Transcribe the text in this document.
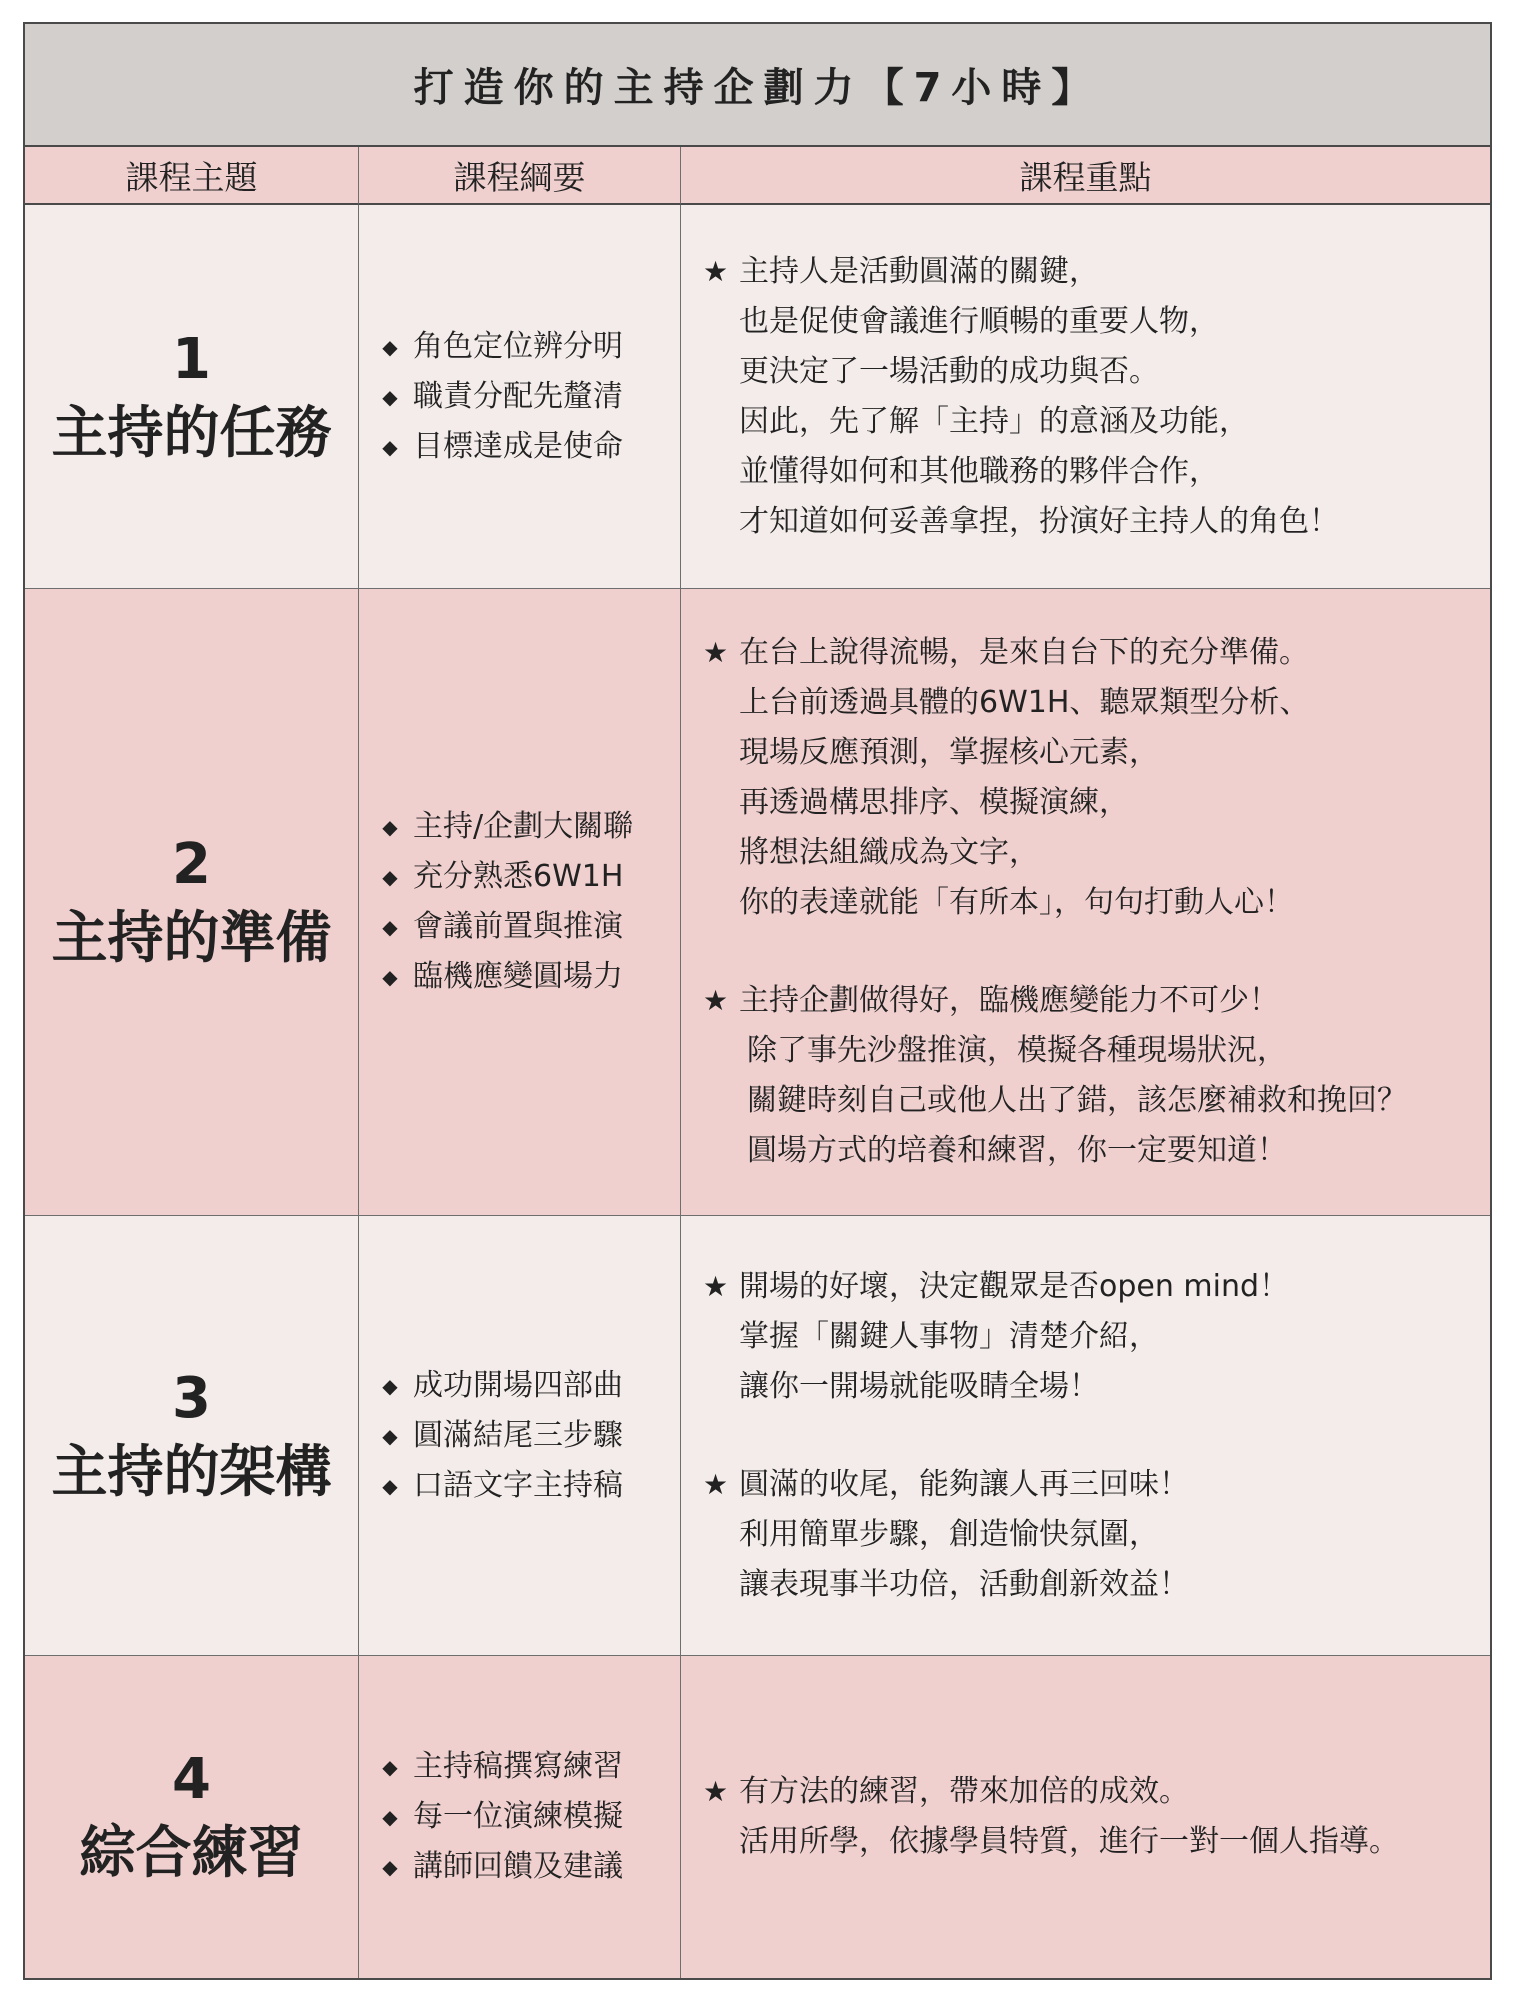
打造你的主持企劃力【7小時】
課程主題	課程綱要	課程重點
1
主持的任務
◆ 角色定位辨分明
◆ 職責分配先釐清
◆ 目標達成是使命
★ 主持人是活動圓滿的關鍵，
也是促使會議進行順暢的重要人物，
更決定了一場活動的成功與否。
因此，先了解「主持」的意涵及功能，
並懂得如何和其他職務的夥伴合作，
才知道如何妥善拿捏，扮演好主持人的角色！
2
主持的準備
◆ 主持/企劃大關聯
◆ 充分熟悉6W1H
◆ 會議前置與推演
◆ 臨機應變圓場力
★ 在台上說得流暢，是來自台下的充分準備。
上台前透過具體的6W1H、聽眾類型分析、
現場反應預測，掌握核心元素，
再透過構思排序、模擬演練，
將想法組織成為文字，
你的表達就能「有所本」，句句打動人心！
★ 主持企劃做得好，臨機應變能力不可少！
除了事先沙盤推演，模擬各種現場狀況，
關鍵時刻自己或他人出了錯，該怎麼補救和挽回？
圓場方式的培養和練習，你一定要知道！
3
主持的架構
◆ 成功開場四部曲
◆ 圓滿結尾三步驟
◆ 口語文字主持稿
★ 開場的好壞，決定觀眾是否open mind！
掌握「關鍵人事物」清楚介紹，
讓你一開場就能吸睛全場！
★ 圓滿的收尾，能夠讓人再三回味！
利用簡單步驟，創造愉快氛圍，
讓表現事半功倍，活動創新效益！
4
綜合練習
◆ 主持稿撰寫練習
◆ 每一位演練模擬
◆ 講師回饋及建議
★ 有方法的練習，帶來加倍的成效。
活用所學，依據學員特質，進行一對一個人指導。
